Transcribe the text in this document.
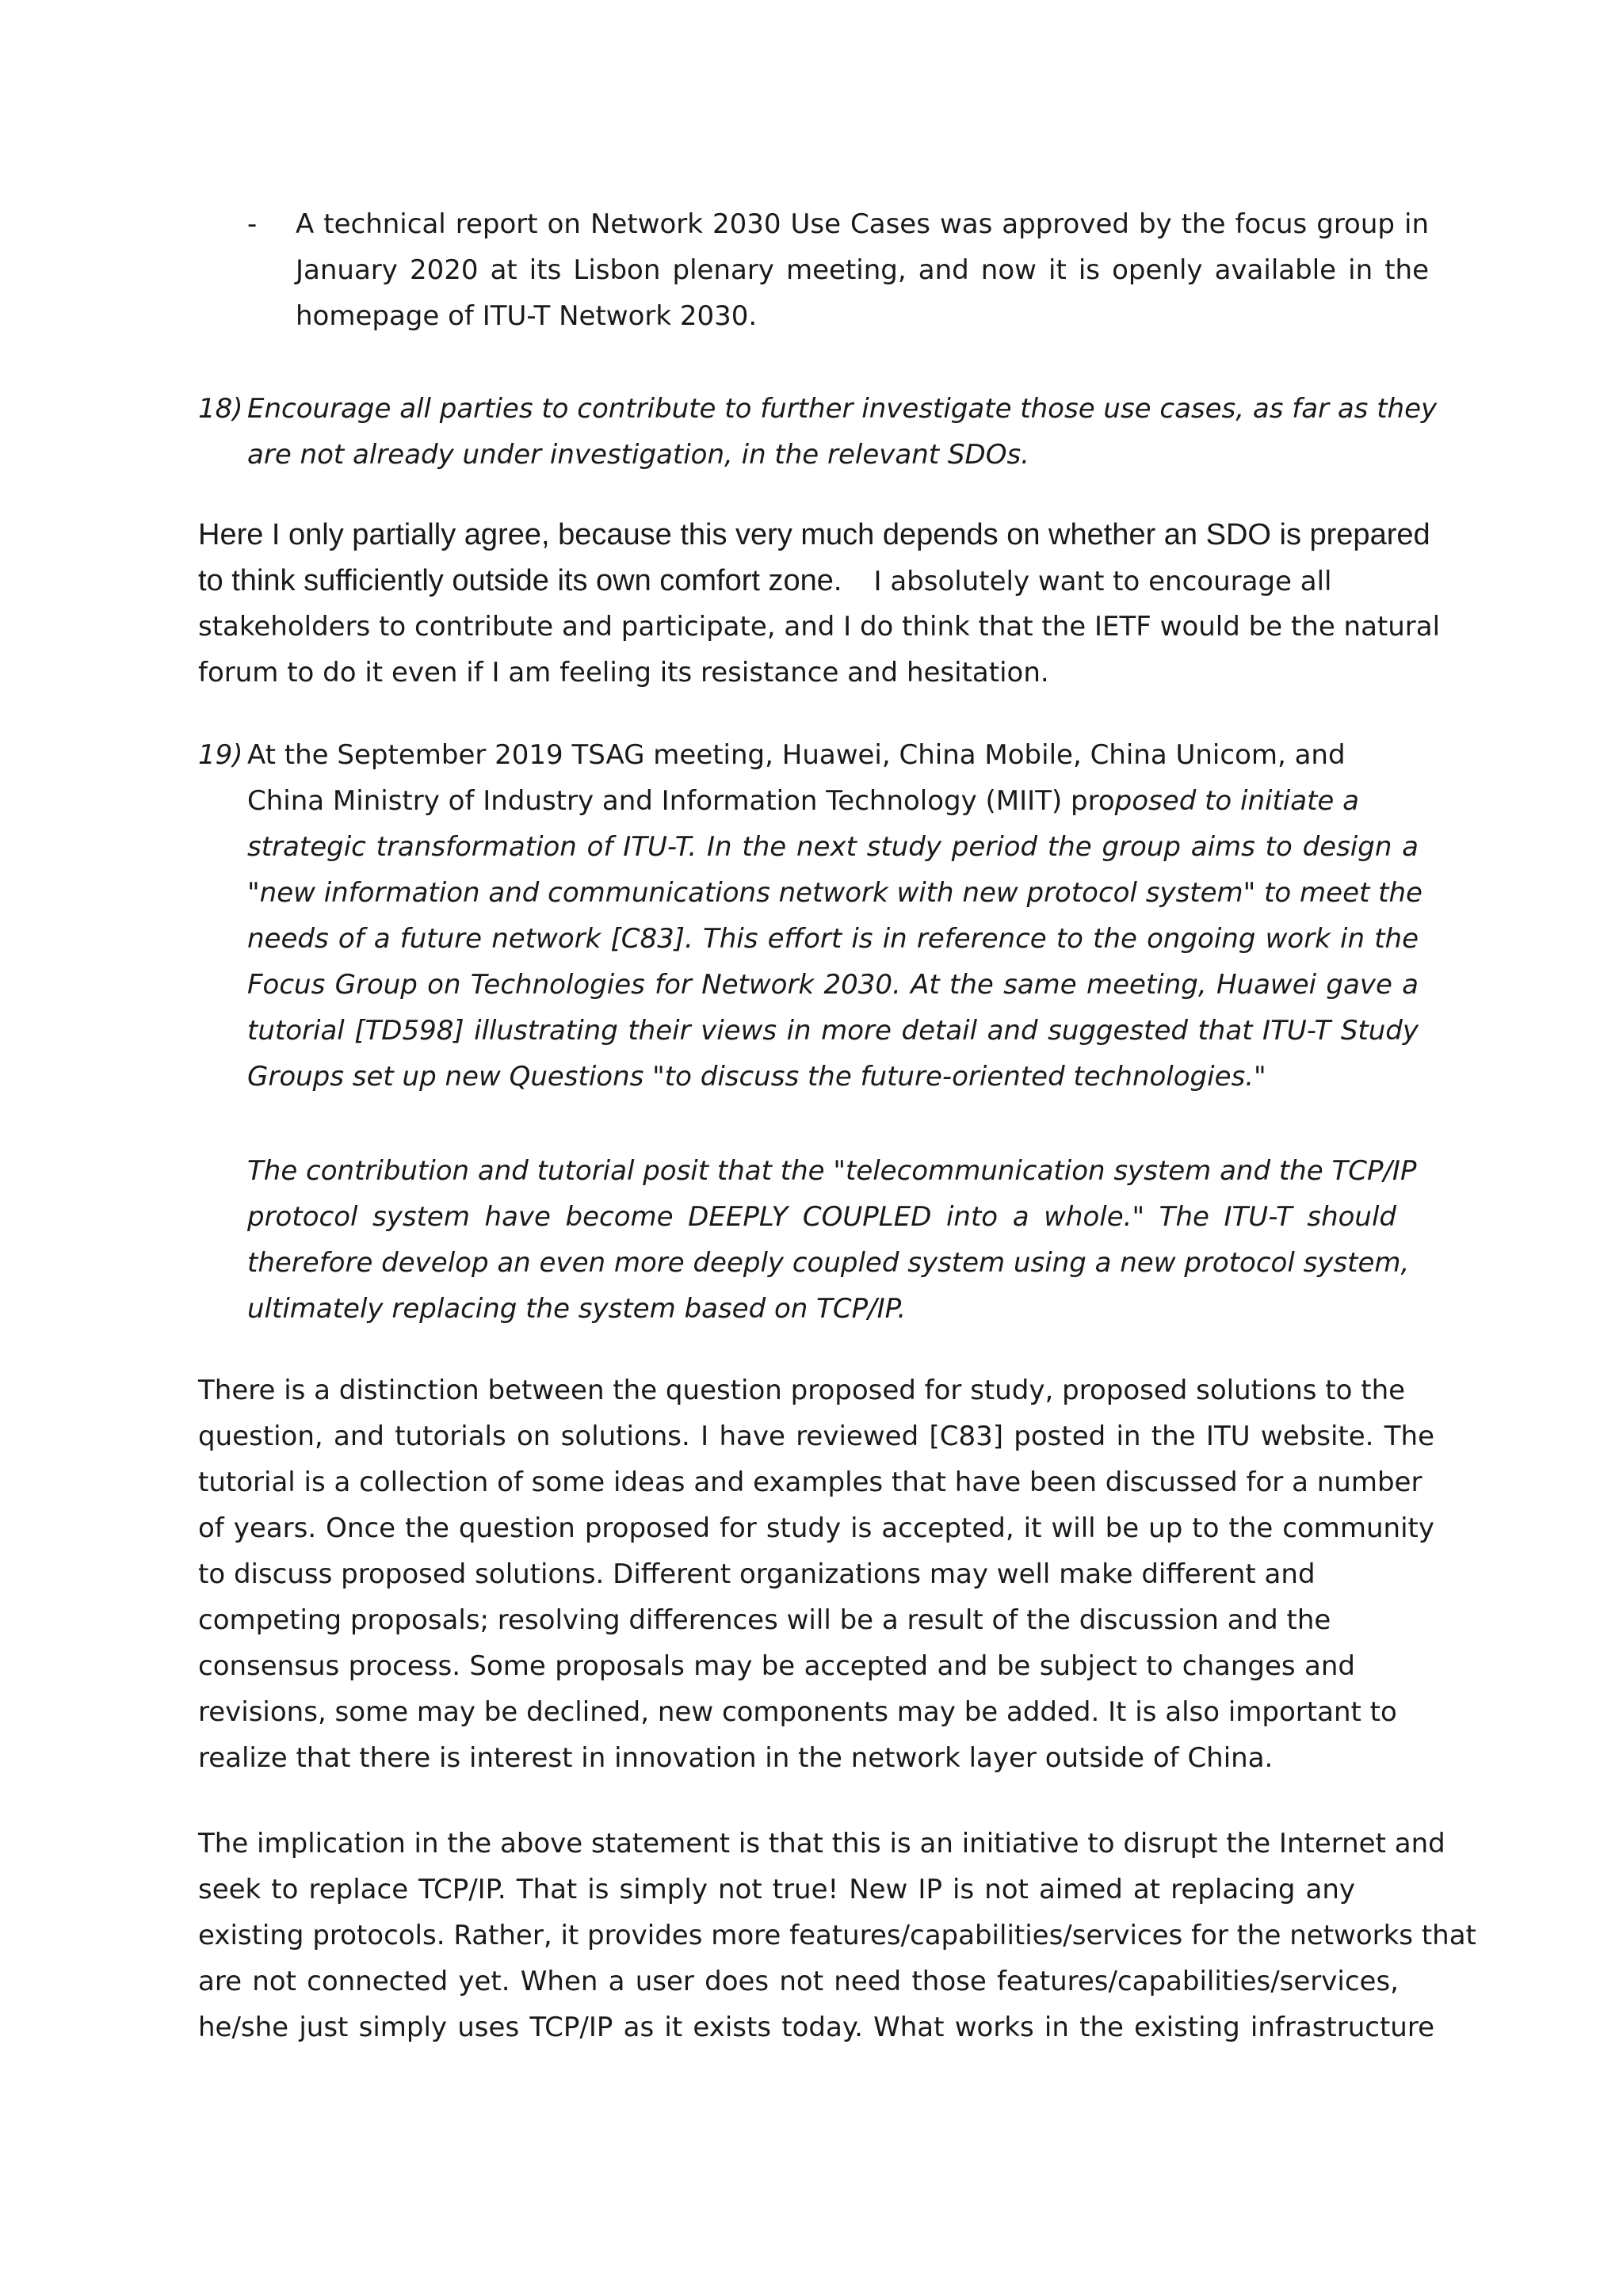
- A technical report on Network 2030 Use Cases was approved by the focus group in
January 2020 at its Lisbon plenary meeting, and now it is openly available in the
homepage of ITU-T Network 2030.
18) Encourage all parties to contribute to further investigate those use cases, as far as they
are not already under investigation, in the relevant SDOs.
Here I only partially agree, because this very much depends on whether an SDO is prepared
to think sufficiently outside its own comfort zone. I absolutely want to encourage all
stakeholders to contribute and participate, and I do think that the IETF would be the natural
forum to do it even if I am feeling its resistance and hesitation.
19) At the September 2019 TSAG meeting, Huawei, China Mobile, China Unicom, and
China Ministry of Industry and Information Technology (MIIT) proposed to initiate a
strategic transformation of ITU-T. In the next study period the group aims to design a
"new information and communications network with new protocol system" to meet the
needs of a future network [C83]. This effort is in reference to the ongoing work in the
Focus Group on Technologies for Network 2030. At the same meeting, Huawei gave a
tutorial [TD598] illustrating their views in more detail and suggested that ITU-T Study
Groups set up new Questions "to discuss the future-oriented technologies."
The contribution and tutorial posit that the "telecommunication system and the TCP/IP
protocol system have become DEEPLY COUPLED into a whole." The ITU-T should
therefore develop an even more deeply coupled system using a new protocol system,
ultimately replacing the system based on TCP/IP.
There is a distinction between the question proposed for study, proposed solutions to the
question, and tutorials on solutions. I have reviewed [C83] posted in the ITU website. The
tutorial is a collection of some ideas and examples that have been discussed for a number
of years. Once the question proposed for study is accepted, it will be up to the community
to discuss proposed solutions. Different organizations may well make different and
competing proposals; resolving differences will be a result of the discussion and the
consensus process. Some proposals may be accepted and be subject to changes and
revisions, some may be declined, new components may be added. It is also important to
realize that there is interest in innovation in the network layer outside of China.
The implication in the above statement is that this is an initiative to disrupt the Internet and
seek to replace TCP/IP. That is simply not true! New IP is not aimed at replacing any
existing protocols. Rather, it provides more features/capabilities/services for the networks that
are not connected yet. When a user does not need those features/capabilities/services,
he/she just simply uses TCP/IP as it exists today. What works in the existing infrastructure
